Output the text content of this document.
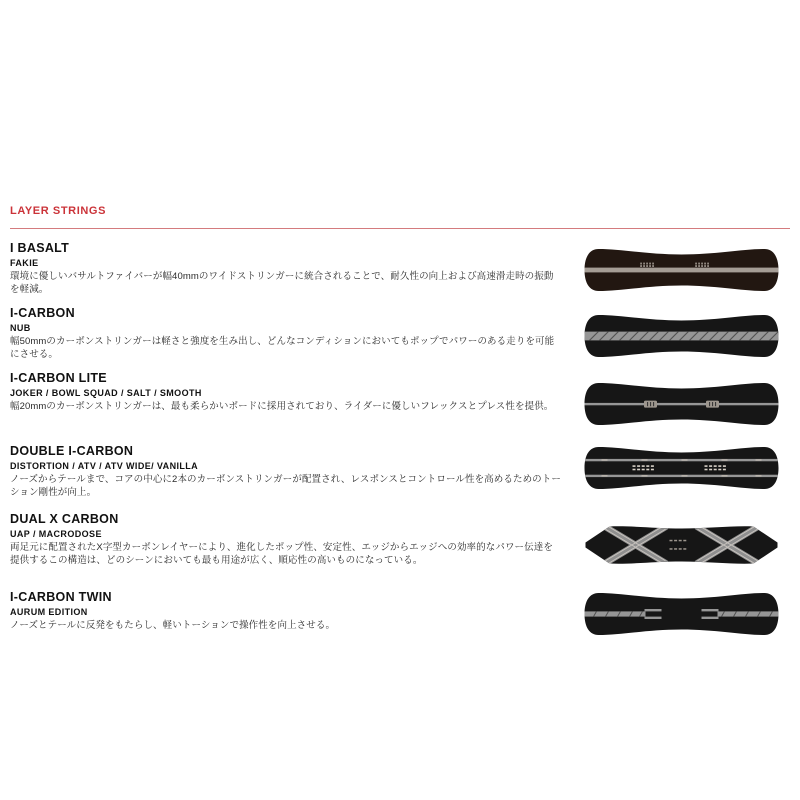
LAYER STRINGS
I BASALT
FAKIE
環境に優しいバサルトファイバーが幅40mmのワイドストリンガーに統合されることで、耐久性の向上および高速滑走時の振動を軽減。
I-CARBON
NUB
幅50mmのカーボンストリンガーは軽さと強度を生み出し、どんなコンディションにおいてもポップでパワーのある走りを可能にさせる。
I-CARBON LITE
JOKER / BOWL SQUAD / SALT / SMOOTH
幅20mmのカーボンストリンガーは、最も柔らかいボードに採用されており、ライダーに優しいフレックスとプレス性を提供。
DOUBLE I-CARBON
DISTORTION / ATV / ATV WIDE/ VANILLA
ノーズからテールまで、コアの中心に2本のカーボンストリンガーが配置され、レスポンスとコントロール性を高めるためのトーション剛性が向上。
DUAL X CARBON
UAP / MACRODOSE
両足元に配置されたX字型カーボンレイヤーにより、進化したポップ性、安定性、エッジからエッジへの効率的なパワー伝達を提供するこの構造は、どのシーンにおいても最も用途が広く、順応性の高いものになっている。
I-CARBON TWIN
AURUM EDITION
ノーズとテールに反発をもたらし、軽いトーションで操作性を向上させる。
